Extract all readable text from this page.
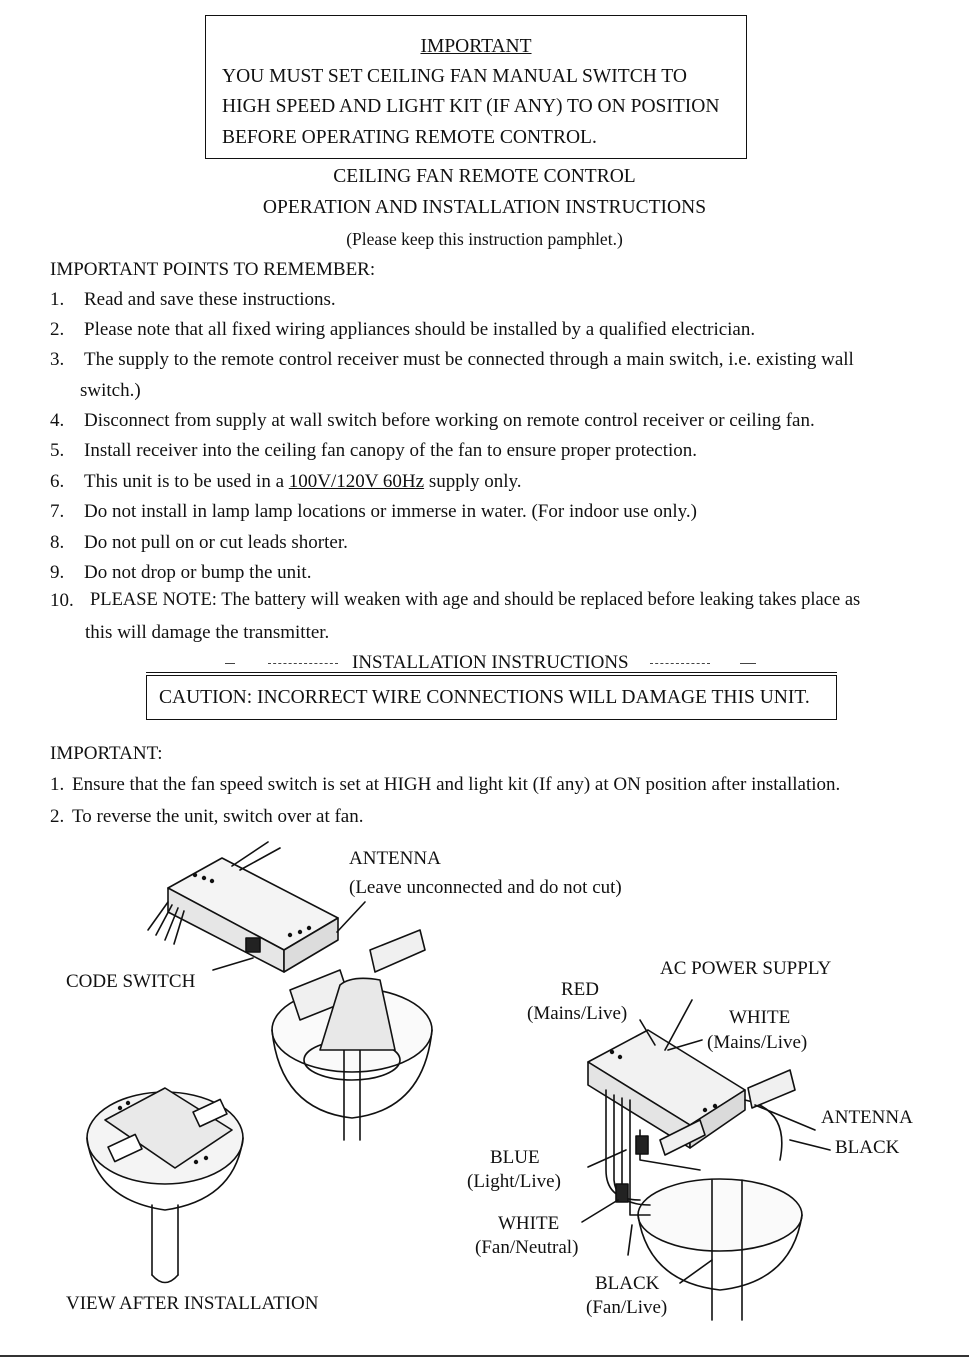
IMPORTANT
YOU MUST SET CEILING FAN MANUAL SWITCH TO
HIGH SPEED AND LIGHT KIT (IF ANY) TO ON POSITION
BEFORE OPERATING REMOTE CONTROL.
CEILING FAN REMOTE CONTROL
OPERATION AND INSTALLATION INSTRUCTIONS
(Please keep this instruction pamphlet.)
IMPORTANT POINTS TO REMEMBER:
1. Read and save these instructions.
2. Please note that all fixed wiring appliances should be installed by a qualified electrician.
3. The supply to the remote control receiver must be connected through a main switch, i.e. existing wall
switch.)
4. Disconnect from supply at wall switch before working on remote control receiver or ceiling fan.
5. Install receiver into the ceiling fan canopy of the fan to ensure proper protection.
6. This unit is to be used in a 100V/120V 60Hz supply only.
7. Do not install in lamp lamp locations or immerse in water. (For indoor use only.)
8. Do not pull on or cut leads shorter.
9. Do not drop or bump the unit.
10. PLEASE NOTE: The battery will weaken with age and should be replaced before leaking takes place as
this will damage the transmitter.
INSTALLATION INSTRUCTIONS
CAUTION: INCORRECT WIRE CONNECTIONS WILL DAMAGE THIS UNIT.
IMPORTANT:
1. Ensure that the fan speed switch is set at HIGH and light kit (If any) at ON position after installation.
2. To reverse the unit, switch over at fan.
ANTENNA
(Leave unconnected and do not cut)
CODE SWITCH
VIEW AFTER INSTALLATION
AC POWER SUPPLY
RED
(Mains/Live)	WHITE
(Mains/Live)
ANTENNA
BLACK
BLUE
(Light/Live)
WHITE
(Fan/Neutral)
BLACK
(Fan/Live)
